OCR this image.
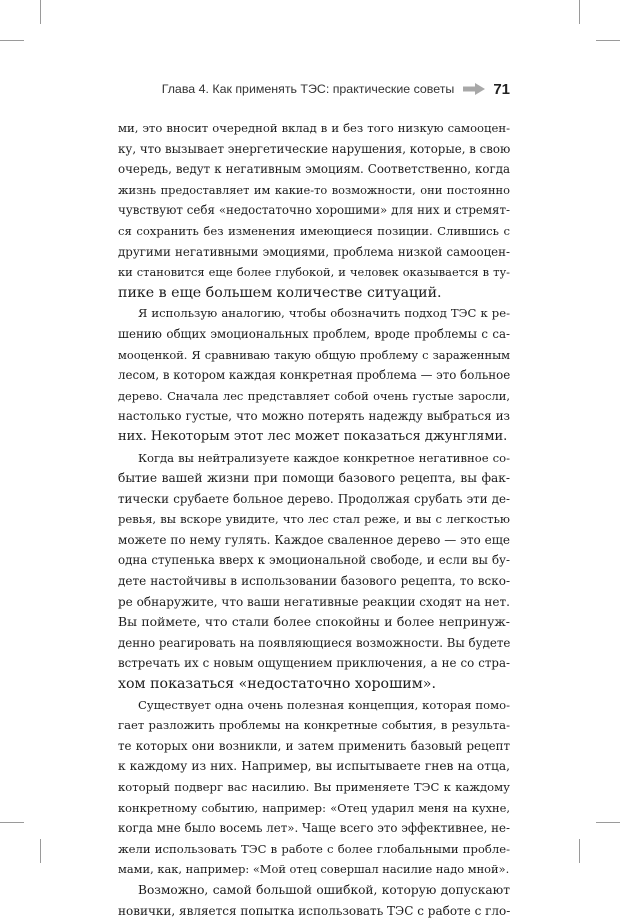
Глава 4. Как применять ТЭС: практические советы	71
ми, это вносит очередной вклад в и без того низкую самооцен-
ку, что вызывает энергетические нарушения, которые, в свою
очередь, ведут к негативным эмоциям. Соответственно, когда
жизнь предоставляет им какие-то возможности, они постоянно
чувствуют себя «недостаточно хорошими» для них и стремят-
ся сохранить без изменения имеющиеся позиции. Слившись с
другими негативными эмоциями, проблема низкой самооцен-
ки становится еще более глубокой, и человек оказывается в ту-
пике в еще большем количестве ситуаций.
Я использую аналогию, чтобы обозначить подход ТЭС к ре-
шению общих эмоциональных проблем, вроде проблемы с са-
мооценкой. Я сравниваю такую общую проблему с зараженным
лесом, в котором каждая конкретная проблема — это больное
дерево. Сначала лес представляет собой очень густые заросли,
настолько густые, что можно потерять надежду выбраться из
них. Некоторым этот лес может показаться джунглями.
Когда вы нейтрализуете каждое конкретное негативное со-
бытие вашей жизни при помощи базового рецепта, вы фак-
тически срубаете больное дерево. Продолжая срубать эти де-
ревья, вы вскоре увидите, что лес стал реже, и вы с легкостью
можете по нему гулять. Каждое сваленное дерево — это еще
одна ступенька вверх к эмоциональной свободе, и если вы бу-
дете настойчивы в использовании базового рецепта, то вско-
ре обнаружите, что ваши негативные реакции сходят на нет.
Вы поймете, что стали более спокойны и более непринуж-
денно реагировать на появляющиеся возможности. Вы будете
встречать их с новым ощущением приключения, а не со стра-
хом показаться «недостаточно хорошим».
Существует одна очень полезная концепция, которая помо-
гает разложить проблемы на конкретные события, в результа-
те которых они возникли, и затем применить базовый рецепт
к каждому из них. Например, вы испытываете гнев на отца,
который подверг вас насилию. Вы применяете ТЭС к каждому
конкретному событию, например: «Отец ударил меня на кухне,
когда мне было восемь лет». Чаще всего это эффективнее, не-
жели использовать ТЭС в работе с более глобальными пробле-
мами, как, например: «Мой отец совершал насилие надо мной».
Возможно, самой большой ошибкой, которую допускают
новички, является попытка использовать ТЭС с работе с гло-
